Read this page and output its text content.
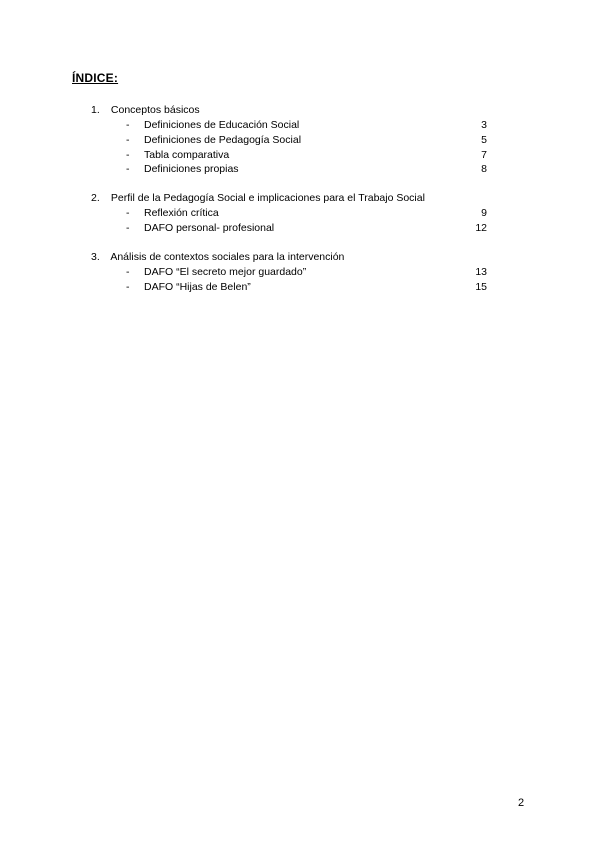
ÍNDICE:
1. Conceptos básicos
- Definiciones de Educación Social	3
- Definiciones de Pedagogía Social	5
- Tabla comparativa	7
- Definiciones propias	8
2. Perfil de la Pedagogía Social e implicaciones para el Trabajo Social
- Reflexión crítica	9
- DAFO personal- profesional	12
3. Análisis de contextos sociales para la intervención
- DAFO “El secreto mejor guardado”	13
- DAFO “Hijas de Belen”	15
2
